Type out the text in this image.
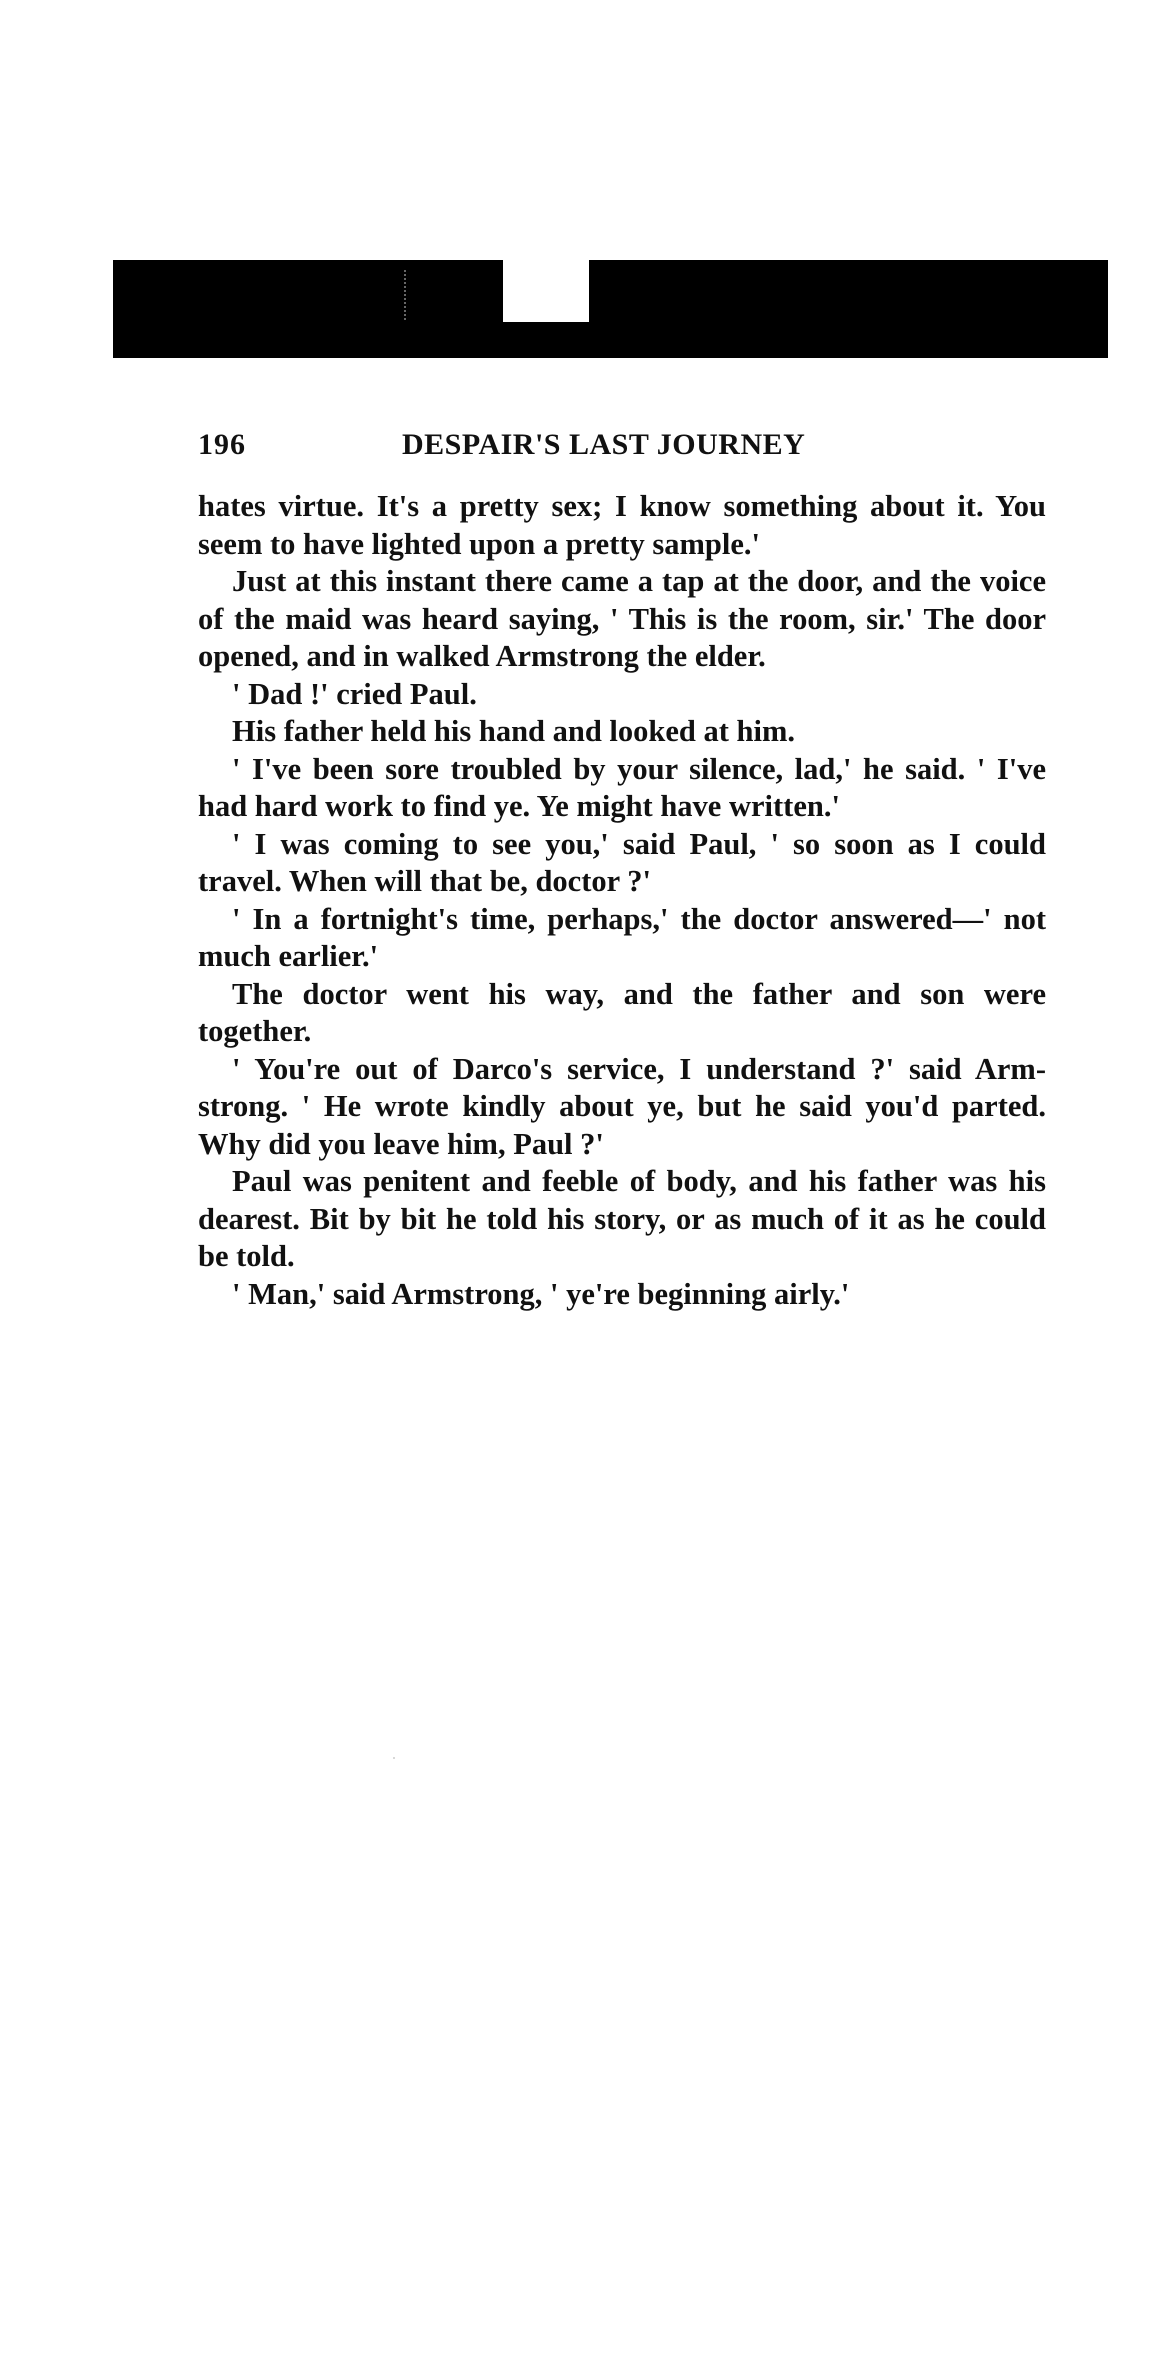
196	DESPAIR'S LAST JOURNEY

hates virtue. It's a pretty sex; I know something about it. You seem to have lighted upon a pretty sample.'

Just at this instant there came a tap at the door, and the voice of the maid was heard saying, ' This is the room, sir.' The door opened, and in walked Armstrong the elder.

' Dad !' cried Paul.

His father held his hand and looked at him.

' I've been sore troubled by your silence, lad,' he said. ' I've had hard work to find ye. Ye might have written.'

' I was coming to see you,' said Paul, ' so soon as I could travel. When will that be, doctor ?'

' In a fortnight's time, perhaps,' the doctor answered—' not much earlier.'

The doctor went his way, and the father and son were together.

' You're out of Darco's service, I understand ?' said Arm-strong. ' He wrote kindly about ye, but he said you'd parted. Why did you leave him, Paul ?'

Paul was penitent and feeble of body, and his father was his dearest. Bit by bit he told his story, or as much of it as he could be told.

' Man,' said Armstrong, ' ye're beginning airly.'
